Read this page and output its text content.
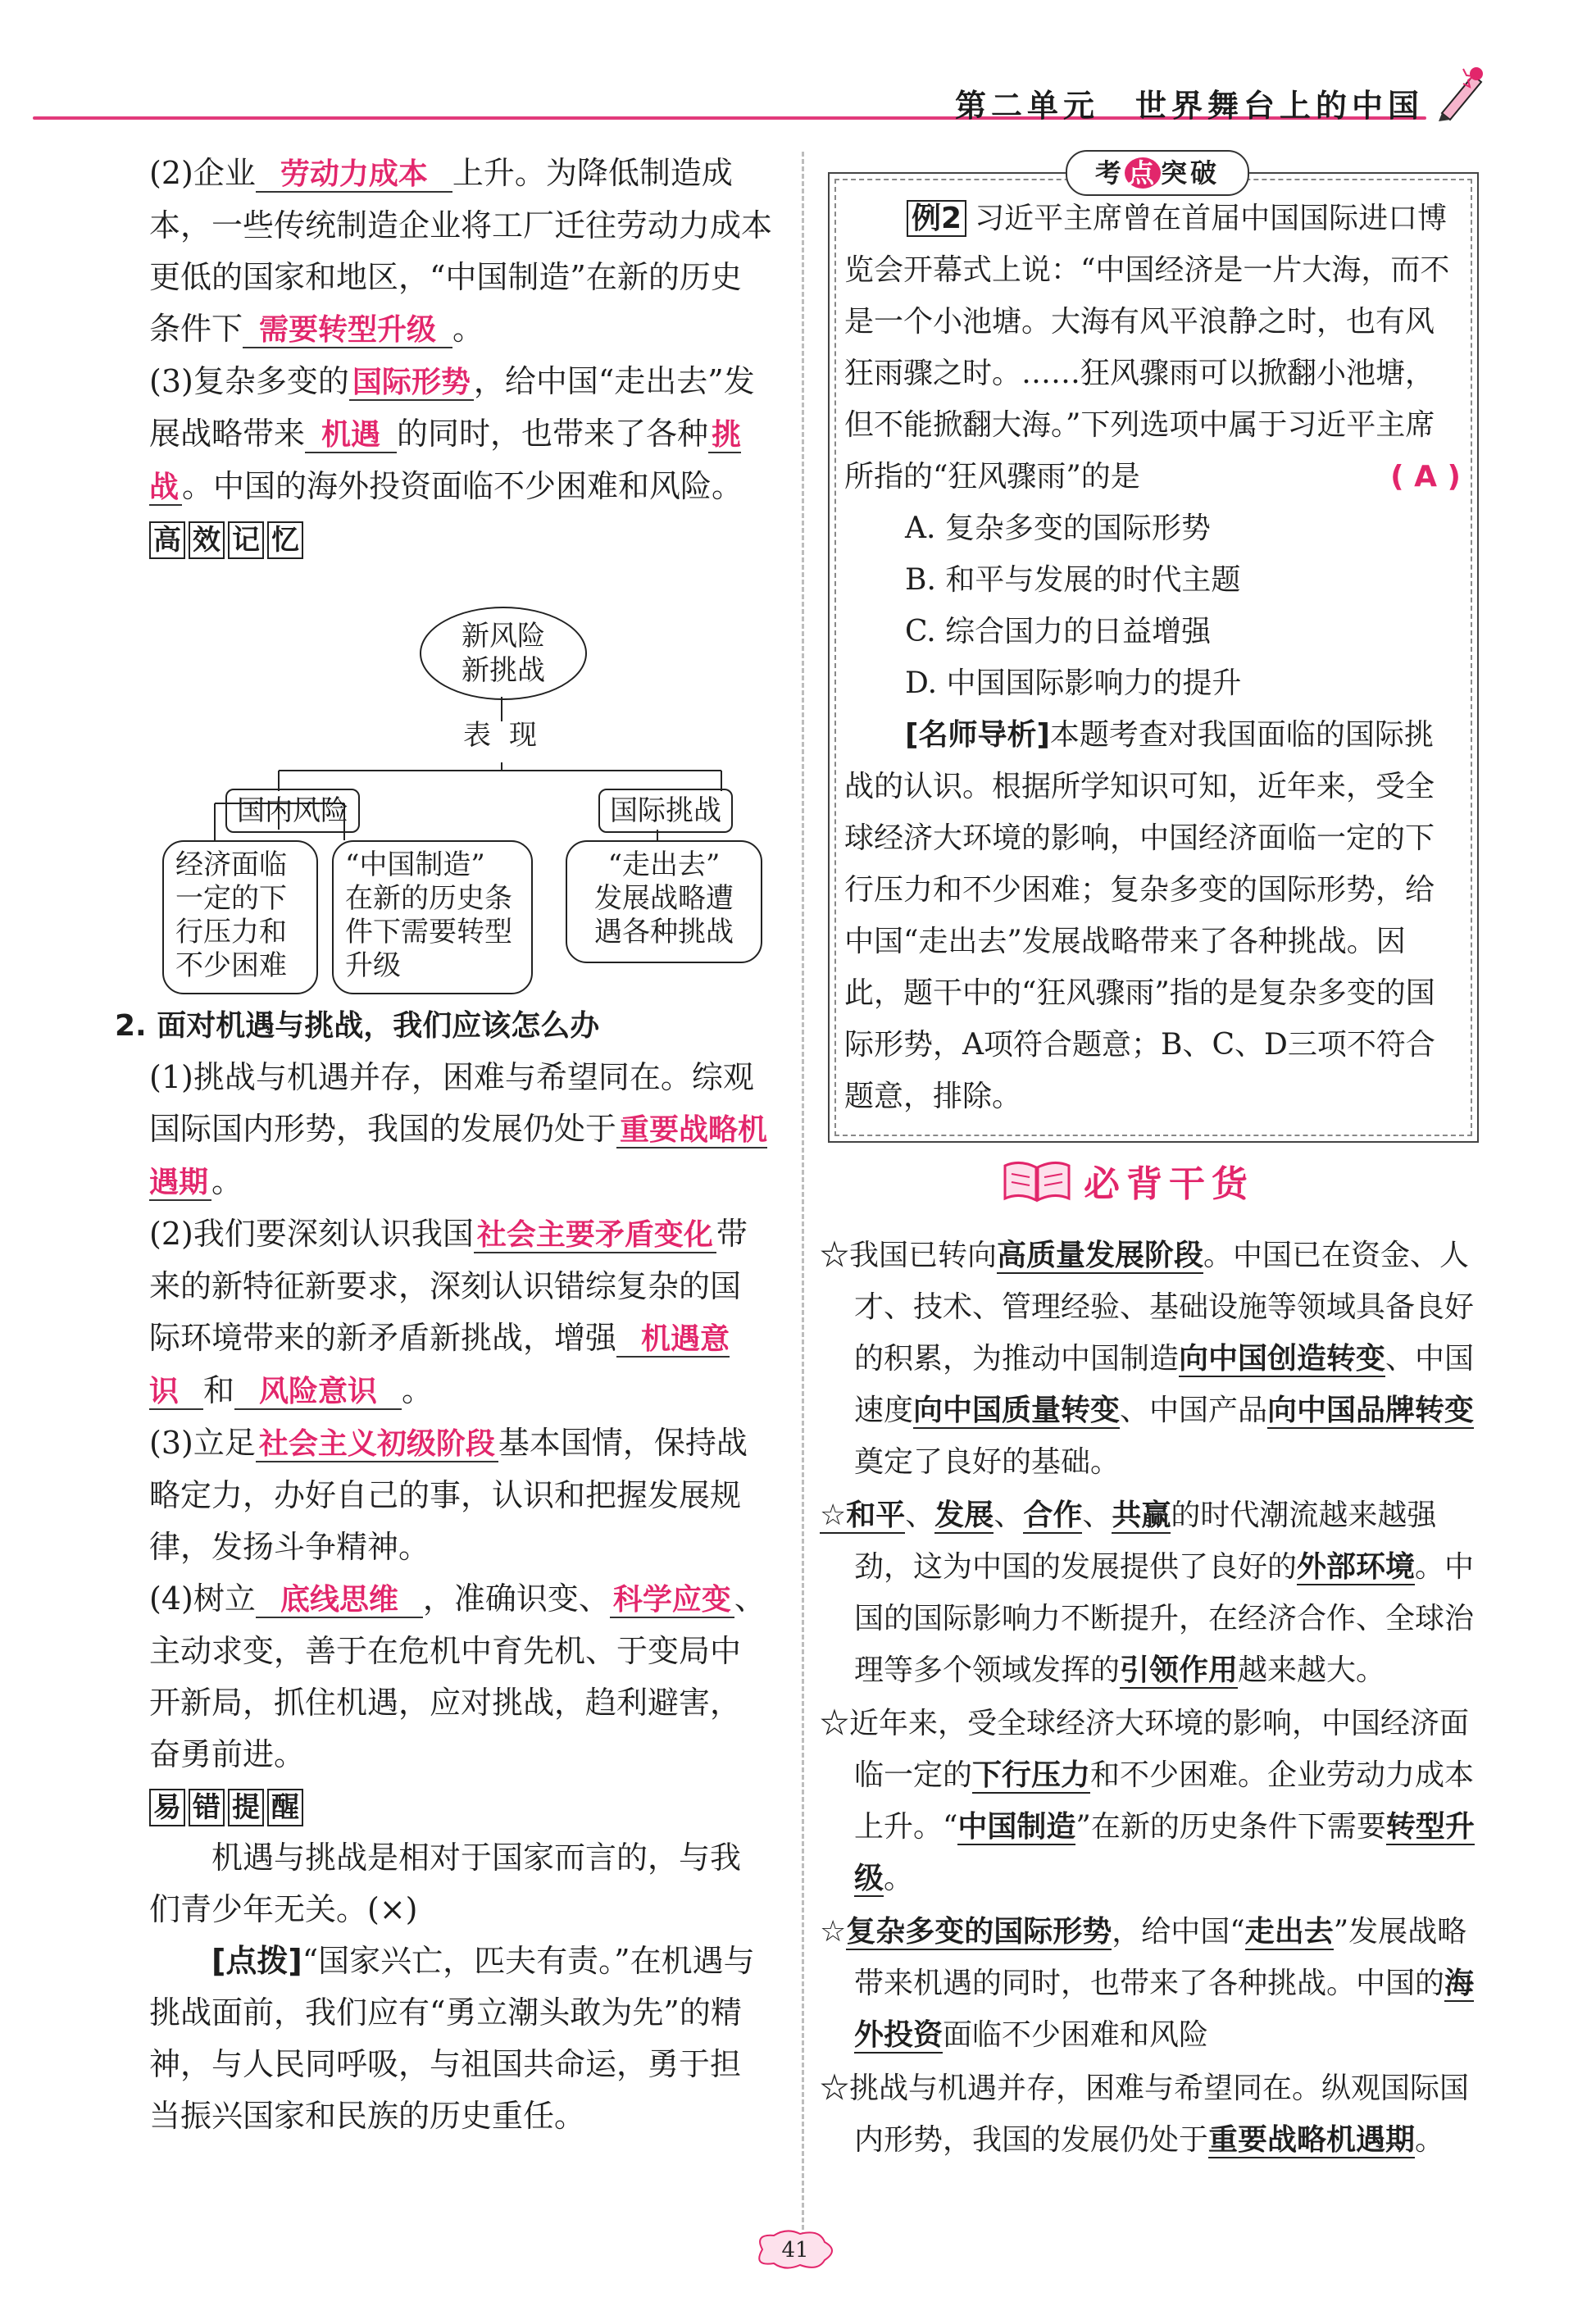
第二单元　世界舞台上的中国

(2)企业 劳动力成本 上升。为降低制造成本，一些传统制造企业将工厂迁往劳动力成本更低的国家和地区，“中国制造”在新的历史条件下 需要转型升级 。

(3)复杂多变的 国际形势 ，给中国“走出去”发展战略带来 机遇 的同时，也带来了各种 挑战 。中国的海外投资面临不少困难和风险。

高 效 记 忆
新风险
新挑战
表 现
国内风险	国际挑战
经济面临
一定的下
行压力和
不少困难
“中国制造”
在新的历史条
件下需要转型
升级
“走出去”
发展战略遭
遇各种挑战

2. 面对机遇与挑战，我们应该怎么办

(1)挑战与机遇并存，困难与希望同在。综观国际国内形势，我国的发展仍处于 重要战略机遇期 。

(2)我们要深刻认识我国 社会主要矛盾变化 带来的新特征新要求，深刻认识错综复杂的国际环境带来的新矛盾新挑战，增强 机遇意识 和 风险意识 。

(3)立足 社会主义初级阶段 基本国情，保持战略定力，办好自己的事，认识和把握发展规律，发扬斗争精神。

(4)树立 底线思维 ，准确识变、 科学应变 、主动求变，善于在危机中育先机、于变局中开新局，抓住机遇，应对挑战，趋利避害，奋勇前进。

易 错 提 醒

机遇与挑战是相对于国家而言的，与我们青少年无关。(×)

[点拨]“国家兴亡，匹夫有责。”在机遇与挑战面前，我们应有“勇立潮头敢为先”的精神，与人民同呼吸，与祖国共命运，勇于担当振兴国家和民族的历史重任。

考 点 突破

例2 习近平主席曾在首届中国国际进口博览会开幕式上说：“中国经济是一片大海，而不是一个小池塘。大海有风平浪静之时，也有风狂雨骤之时。……狂风骤雨可以掀翻小池塘，但不能掀翻大海。”下列选项中属于习近平主席所指的“狂风骤雨”的是	( A )

A. 复杂多变的国际形势
B. 和平与发展的时代主题
C. 综合国力的日益增强
D. 中国国际影响力的提升

[名师导析]本题考查对我国面临的国际挑战的认识。根据所学知识可知，近年来，受全球经济大环境的影响，中国经济面临一定的下行压力和不少困难；复杂多变的国际形势，给中国“走出去”发展战略带来了各种挑战。因此，题干中的“狂风骤雨”指的是复杂多变的国际形势，A项符合题意；B、C、D三项不符合题意，排除。

必背干货

☆我国已转向高质量发展阶段。中国已在资金、人才、技术、管理经验、基础设施等领域具备良好的积累，为推动中国制造向中国创造转变、中国速度向中国质量转变、中国产品向中国品牌转变奠定了良好的基础。

☆和平、发展、合作、共赢的时代潮流越来越强劲，这为中国的发展提供了良好的外部环境。中国的国际影响力不断提升，在经济合作、全球治理等多个领域发挥的引领作用越来越大。

☆近年来，受全球经济大环境的影响，中国经济面临一定的下行压力和不少困难。企业劳动力成本上升。“中国制造”在新的历史条件下需要转型升级。

☆复杂多变的国际形势，给中国“走出去”发展战略带来机遇的同时，也带来了各种挑战。中国的海外投资面临不少困难和风险

☆挑战与机遇并存，困难与希望同在。纵观国际国内形势，我国的发展仍处于重要战略机遇期。

41
